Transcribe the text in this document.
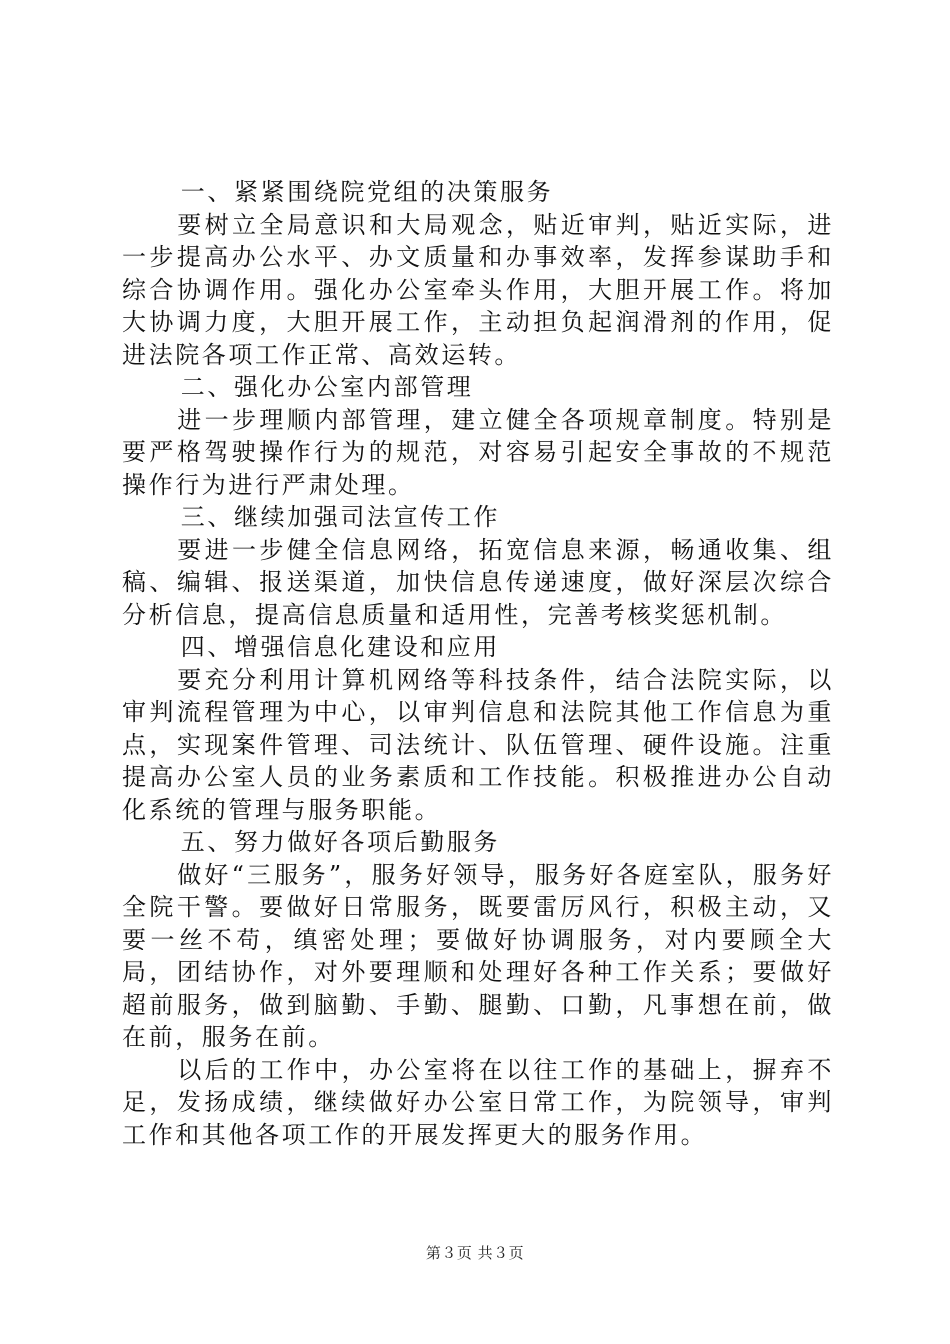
一、紧紧围绕院党组的决策服务

要树立全局意识和大局观念，贴近审判，贴近实际，进一步提高办公水平、办文质量和办事效率，发挥参谋助手和综合协调作用。强化办公室牵头作用，大胆开展工作。将加大协调力度，大胆开展工作，主动担负起润滑剂的作用，促进法院各项工作正常、高效运转。

二、强化办公室内部管理

进一步理顺内部管理，建立健全各项规章制度。特别是要严格驾驶操作行为的规范，对容易引起安全事故的不规范操作行为进行严肃处理。

三、继续加强司法宣传工作

要进一步健全信息网络，拓宽信息来源，畅通收集、组稿、编辑、报送渠道，加快信息传递速度，做好深层次综合分析信息，提高信息质量和适用性，完善考核奖惩机制。

四、增强信息化建设和应用

要充分利用计算机网络等科技条件，结合法院实际，以审判流程管理为中心，以审判信息和法院其他工作信息为重点，实现案件管理、司法统计、队伍管理、硬件设施。注重提高办公室人员的业务素质和工作技能。积极推进办公自动化系统的管理与服务职能。

五、努力做好各项后勤服务

做好“三服务”，服务好领导，服务好各庭室队，服务好全院干警。要做好日常服务，既要雷厉风行，积极主动，又要一丝不苟，缜密处理；要做好协调服务，对内要顾全大局，团结协作，对外要理顺和处理好各种工作关系；要做好超前服务，做到脑勤、手勤、腿勤、口勤，凡事想在前，做在前，服务在前。

以后的工作中，办公室将在以往工作的基础上，摒弃不足，发扬成绩，继续做好办公室日常工作，为院领导，审判工作和其他各项工作的开展发挥更大的服务作用。

第３页 共３页
